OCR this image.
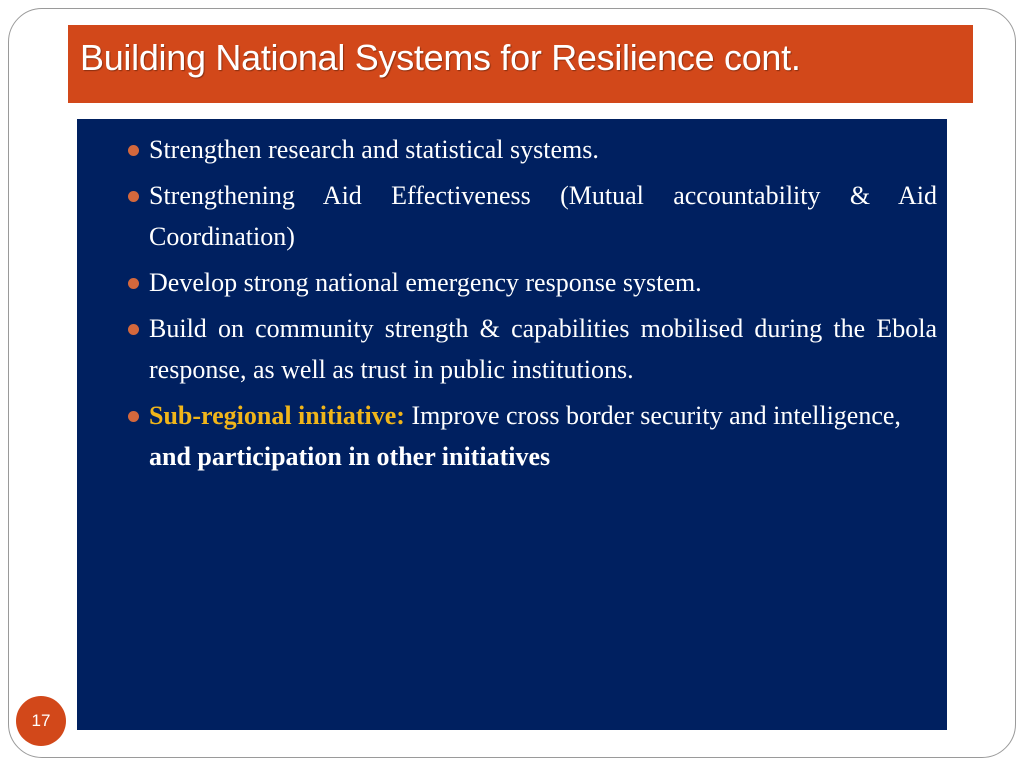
Building National Systems for Resilience cont.
Strengthen research and statistical systems.
Strengthening Aid Effectiveness (Mutual accountability & Aid Coordination)
Develop strong national emergency response system.
Build on community strength & capabilities mobilised during the Ebola response, as well as trust in public institutions.
Sub-regional initiative: Improve cross border security and intelligence, and participation in other initiatives
17
